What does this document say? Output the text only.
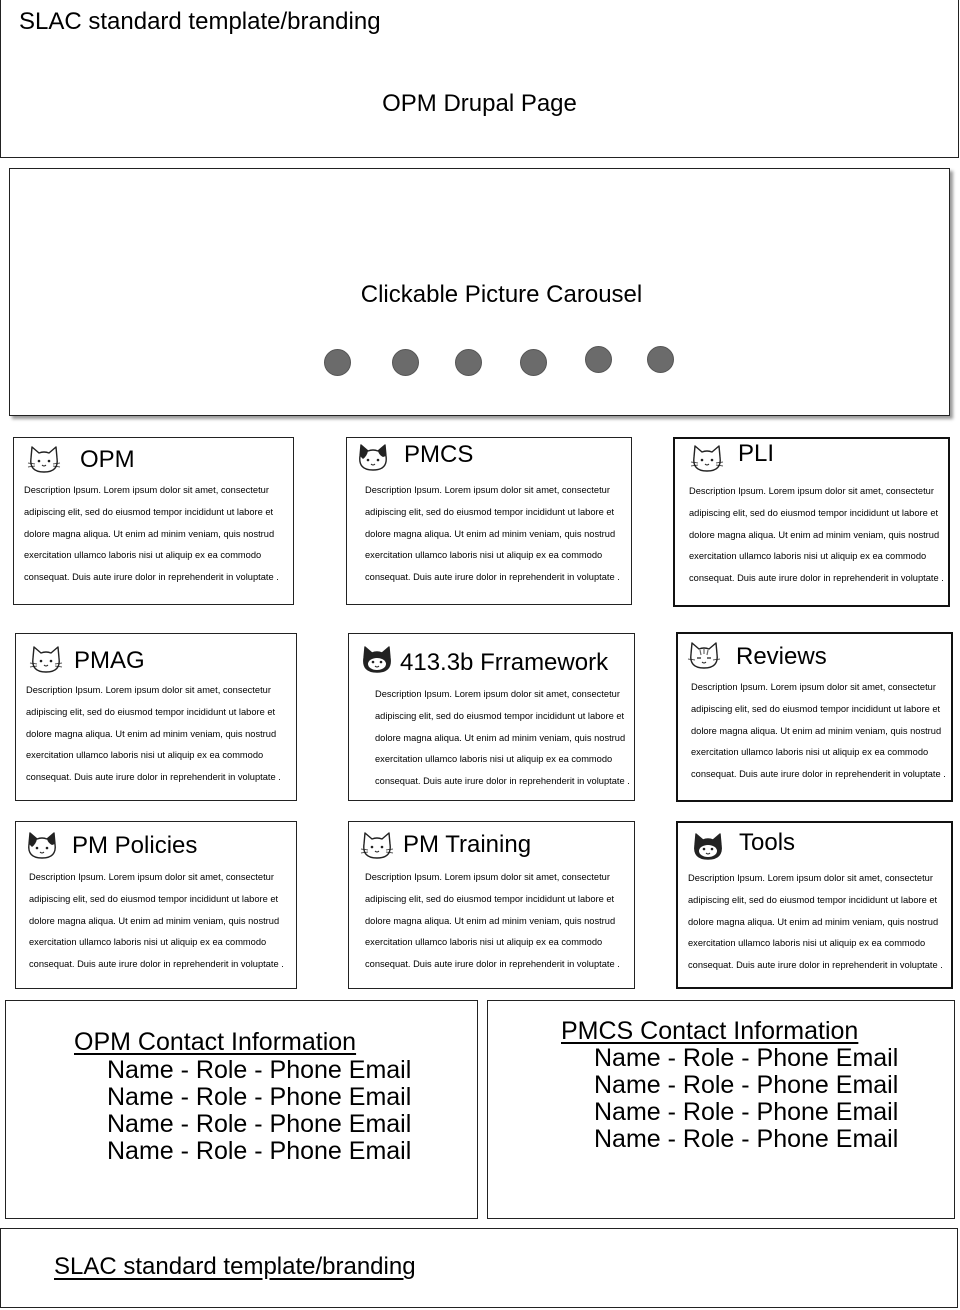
SLAC standard template/branding
OPM Drupal Page
Clickable Picture Carousel
OPM
Description Ipsum. Lorem ipsum dolor sit amet, consectetur
adipiscing elit, sed do eiusmod tempor incididunt ut labore et
dolore magna aliqua. Ut enim ad minim veniam, quis nostrud
exercitation ullamco laboris nisi ut aliquip ex ea commodo
consequat. Duis aute irure dolor in reprehenderit in voluptate .
PMCS
Description Ipsum. Lorem ipsum dolor sit amet, consectetur
adipiscing elit, sed do eiusmod tempor incididunt ut labore et
dolore magna aliqua. Ut enim ad minim veniam, quis nostrud
exercitation ullamco laboris nisi ut aliquip ex ea commodo
consequat. Duis aute irure dolor in reprehenderit in voluptate .
PLI
Description Ipsum. Lorem ipsum dolor sit amet, consectetur
adipiscing elit, sed do eiusmod tempor incididunt ut labore et
dolore magna aliqua. Ut enim ad minim veniam, quis nostrud
exercitation ullamco laboris nisi ut aliquip ex ea commodo
consequat. Duis aute irure dolor in reprehenderit in voluptate .
PMAG
Description Ipsum. Lorem ipsum dolor sit amet, consectetur
adipiscing elit, sed do eiusmod tempor incididunt ut labore et
dolore magna aliqua. Ut enim ad minim veniam, quis nostrud
exercitation ullamco laboris nisi ut aliquip ex ea commodo
consequat. Duis aute irure dolor in reprehenderit in voluptate .
413.3b Frramework
Description Ipsum. Lorem ipsum dolor sit amet, consectetur
adipiscing elit, sed do eiusmod tempor incididunt ut labore et
dolore magna aliqua. Ut enim ad minim veniam, quis nostrud
exercitation ullamco laboris nisi ut aliquip ex ea commodo
consequat. Duis aute irure dolor in reprehenderit in voluptate .
Reviews
Description Ipsum. Lorem ipsum dolor sit amet, consectetur
adipiscing elit, sed do eiusmod tempor incididunt ut labore et
dolore magna aliqua. Ut enim ad minim veniam, quis nostrud
exercitation ullamco laboris nisi ut aliquip ex ea commodo
consequat. Duis aute irure dolor in reprehenderit in voluptate .
PM Policies
Description Ipsum. Lorem ipsum dolor sit amet, consectetur
adipiscing elit, sed do eiusmod tempor incididunt ut labore et
dolore magna aliqua. Ut enim ad minim veniam, quis nostrud
exercitation ullamco laboris nisi ut aliquip ex ea commodo
consequat. Duis aute irure dolor in reprehenderit in voluptate .
PM Training
Description Ipsum. Lorem ipsum dolor sit amet, consectetur
adipiscing elit, sed do eiusmod tempor incididunt ut labore et
dolore magna aliqua. Ut enim ad minim veniam, quis nostrud
exercitation ullamco laboris nisi ut aliquip ex ea commodo
consequat. Duis aute irure dolor in reprehenderit in voluptate .
Tools
Description Ipsum. Lorem ipsum dolor sit amet, consectetur
adipiscing elit, sed do eiusmod tempor incididunt ut labore et
dolore magna aliqua. Ut enim ad minim veniam, quis nostrud
exercitation ullamco laboris nisi ut aliquip ex ea commodo
consequat. Duis aute irure dolor in reprehenderit in voluptate .
OPM Contact Information
Name - Role - Phone Email
Name - Role - Phone Email
Name - Role - Phone Email
Name - Role - Phone Email
PMCS Contact Information
Name - Role - Phone Email
Name - Role - Phone Email
Name - Role - Phone Email
Name - Role - Phone Email
SLAC standard template/branding
